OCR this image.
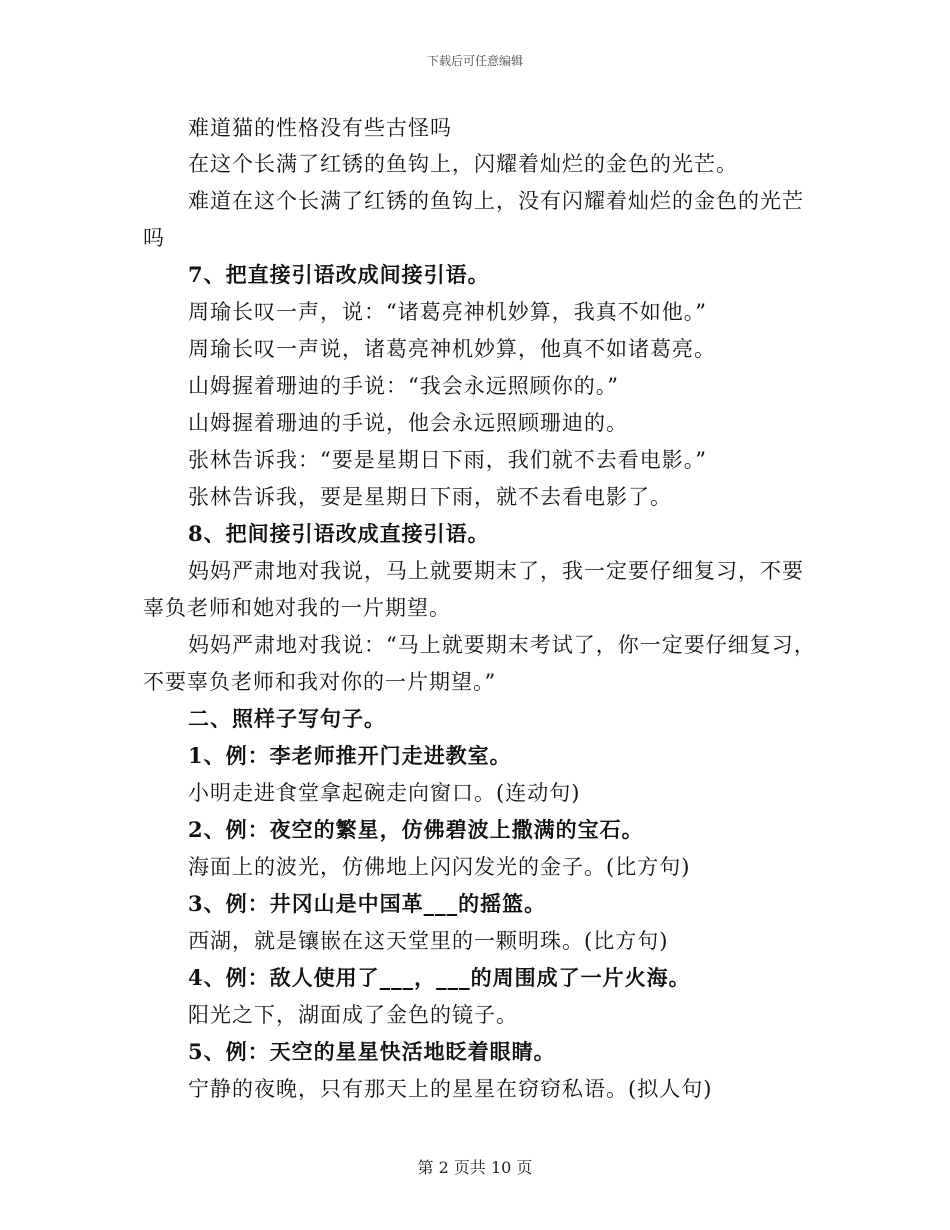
下载后可任意编辑
难道猫的性格没有些古怪吗
在这个长满了红锈的鱼钩上，闪耀着灿烂的金色的光芒。
难道在这个长满了红锈的鱼钩上，没有闪耀着灿烂的金色的光芒
吗
7、把直接引语改成间接引语。
周瑜长叹一声，说：“诸葛亮神机妙算，我真不如他。”
周瑜长叹一声说，诸葛亮神机妙算，他真不如诸葛亮。
山姆握着珊迪的手说：“我会永远照顾你的。”
山姆握着珊迪的手说，他会永远照顾珊迪的。
张林告诉我：“要是星期日下雨，我们就不去看电影。”
张林告诉我，要是星期日下雨，就不去看电影了。
8、把间接引语改成直接引语。
妈妈严肃地对我说，马上就要期末了，我一定要仔细复习，不要
辜负老师和她对我的一片期望。
妈妈严肃地对我说：“马上就要期末考试了，你一定要仔细复习，
不要辜负老师和我对你的一片期望。”
二、照样子写句子。
1、例：李老师推开门走进教室。
小明走进食堂拿起碗走向窗口。(连动句)
2、例：夜空的繁星，仿佛碧波上撒满的宝石。
海面上的波光，仿佛地上闪闪发光的金子。(比方句)
3、例：井冈山是中国革___的摇篮。
西湖，就是镶嵌在这天堂里的一颗明珠。(比方句)
4、例：敌人使用了___，___的周围成了一片火海。
阳光之下，湖面成了金色的镜子。
5、例：天空的星星快活地眨着眼睛。
宁静的夜晚，只有那天上的星星在窃窃私语。(拟人句)
第 2 页共 10 页
